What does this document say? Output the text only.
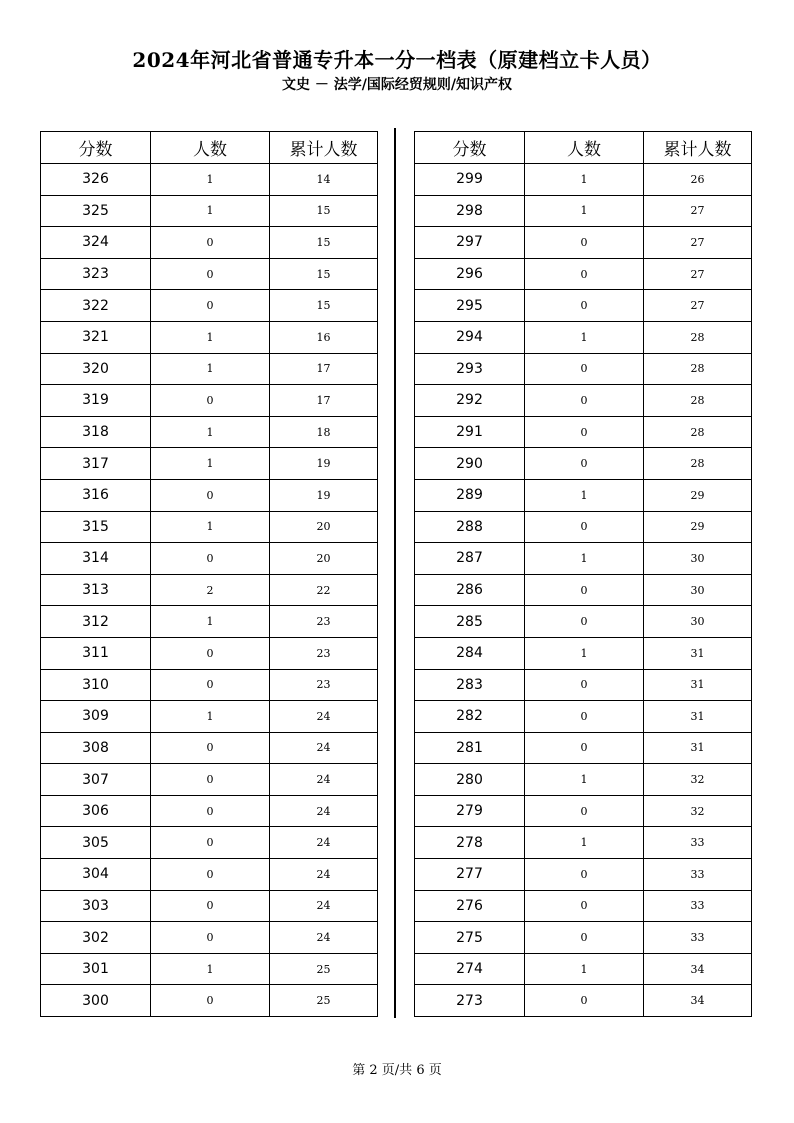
2024年河北省普通专升本一分一档表（原建档立卡人员）
文史 － 法学/国际经贸规则/知识产权
分数	人数	累计人数
326	1	14
325	1	15
324	0	15
323	0	15
322	0	15
321	1	16
320	1	17
319	0	17
318	1	18
317	1	19
316	0	19
315	1	20
314	0	20
313	2	22
312	1	23
311	0	23
310	0	23
309	1	24
308	0	24
307	0	24
306	0	24
305	0	24
304	0	24
303	0	24
302	0	24
301	1	25
300	0	25
分数	人数	累计人数
299	1	26
298	1	27
297	0	27
296	0	27
295	0	27
294	1	28
293	0	28
292	0	28
291	0	28
290	0	28
289	1	29
288	0	29
287	1	30
286	0	30
285	0	30
284	1	31
283	0	31
282	0	31
281	0	31
280	1	32
279	0	32
278	1	33
277	0	33
276	0	33
275	0	33
274	1	34
273	0	34
第 2 页/共 6 页
